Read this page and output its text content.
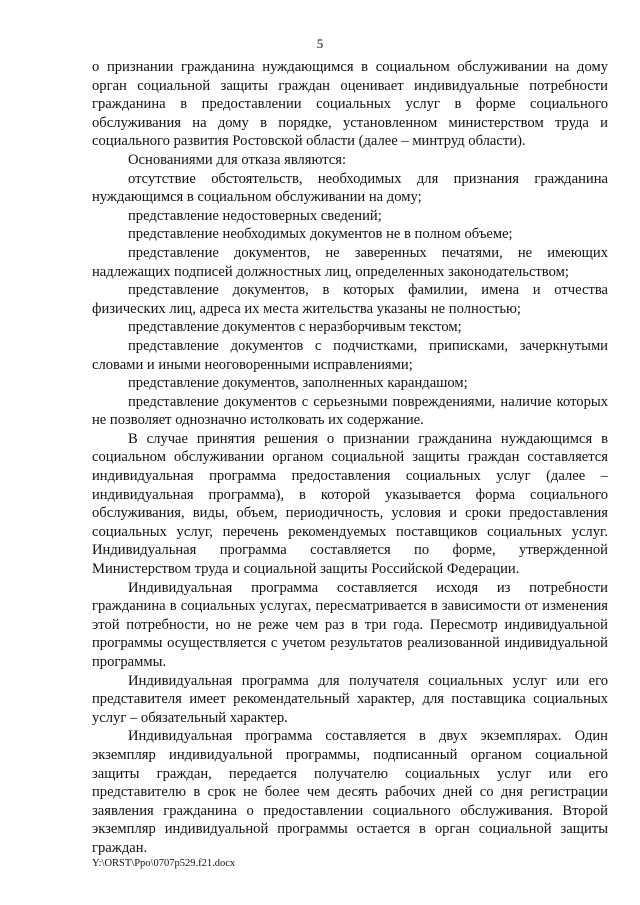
5

о признании гражданина нуждающимся в социальном обслуживании на дому орган социальной защиты граждан оценивает индивидуальные потребности гражданина в предоставлении социальных услуг в форме социального обслуживания на дому в порядке, установленном министерством труда и социального развития Ростовской области (далее – минтруд области).

Основаниями для отказа являются:

отсутствие обстоятельств, необходимых для признания гражданина нуждающимся в социальном обслуживании на дому;

представление недостоверных сведений;

представление необходимых документов не в полном объеме;

представление документов, не заверенных печатями, не имеющих надлежащих подписей должностных лиц, определенных законодательством;

представление документов, в которых фамилии, имена и отчества физических лиц, адреса их места жительства указаны не полностью;

представление документов с неразборчивым текстом;

представление документов с подчистками, приписками, зачеркнутыми словами и иными неоговоренными исправлениями;

представление документов, заполненных карандашом;

представление документов с серьезными повреждениями, наличие которых не позволяет однозначно истолковать их содержание.

В случае принятия решения о признании гражданина нуждающимся в социальном обслуживании органом социальной защиты граждан составляется индивидуальная программа предоставления социальных услуг (далее – индивидуальная программа), в которой указывается форма социального обслуживания, виды, объем, периодичность, условия и сроки предоставления социальных услуг, перечень рекомендуемых поставщиков социальных услуг. Индивидуальная программа составляется по форме, утвержденной Министерством труда и социальной защиты Российской Федерации.

Индивидуальная программа составляется исходя из потребности гражданина в социальных услугах, пересматривается в зависимости от изменения этой потребности, но не реже чем раз в три года. Пересмотр индивидуальной программы осуществляется с учетом результатов реализованной индивидуальной программы.

Индивидуальная программа для получателя социальных услуг или его представителя имеет рекомендательный характер, для поставщика социальных услуг – обязательный характер.

Индивидуальная программа составляется в двух экземплярах. Один экземпляр индивидуальной программы, подписанный органом социальной защиты граждан, передается получателю социальных услуг или его представителю в срок не более чем десять рабочих дней со дня регистрации заявления гражданина о предоставлении социального обслуживания. Второй экземпляр индивидуальной программы остается в орган социальной защиты граждан.

Y:\ORST\Ppo\0707p529.f21.docx
